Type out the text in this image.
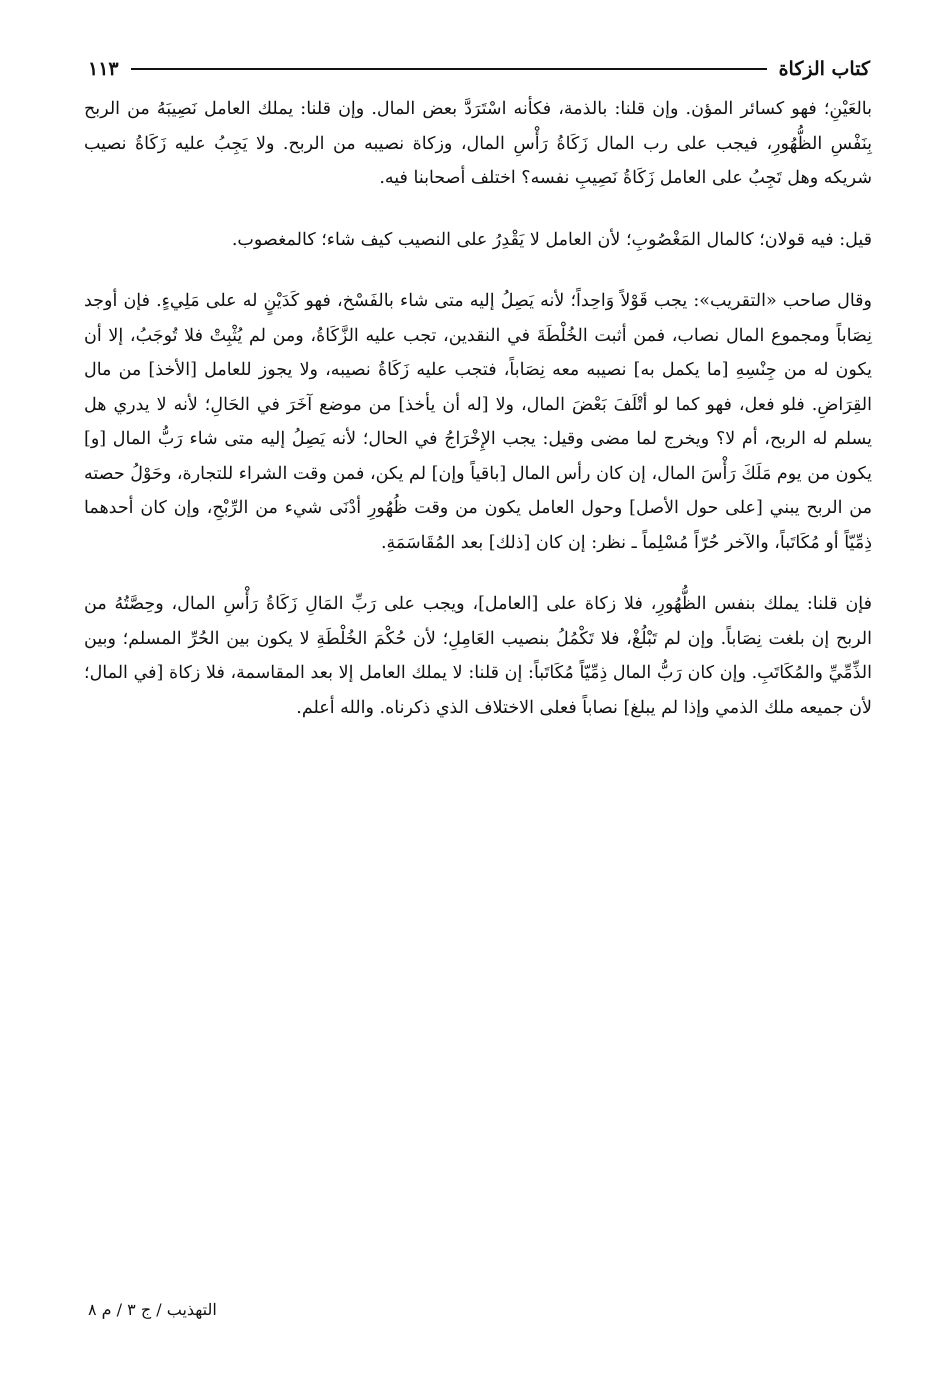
كتاب الزكاة
١١٣

بالعَيْنِ؛ فهو كسائر المؤن. وإن قلنا: بالذمة، فكأنه اسْتَرَدَّ بعض المال. وإن قلنا: يملك العامل نَصِيبَهُ من الربح بِنَفْسِ الظُّهُورِ، فيجب على رب المال زَكَاةُ رَأْسِ المال، وزكاة نصيبه من الربح. ولا يَجِبُ عليه زَكَاةُ نصيب شريكه وهل تَجِبُ على العامل زَكَاةُ نَصِيبِ نفسه؟ اختلف أصحابنا فيه.

قيل: فيه قولان؛ كالمال المَغْصُوبِ؛ لأن العامل لا يَقْدِرُ على النصيب كيف شاء؛ كالمغصوب.

وقال صاحب «التقريب»: يجب قَوْلاً وَاحِداً؛ لأنه يَصِلُ إليه متى شاء بالفَسْخ، فهو كَدَيْنٍ له على مَلِيءٍ. فإن أوجد نِصَاباً ومجموع المال نصاب، فمن أثبت الخُلْطَةَ في النقدين، تجب عليه الزَّكَاةُ، ومن لم يُثْبِتْ فلا تُوجَبُ، إلا أن يكون له من جِنْسِهِ [ما يكمل به] نصيبه معه نِصَاباً، فتجب عليه زَكَاةُ نصيبه، ولا يجوز للعامل [الأخذ] من مال القِرَاضِ. فلو فعل، فهو كما لو أتْلَفَ بَعْضَ المال، ولا [له أن يأخذ] من موضع آخَرَ في الحَالِ؛ لأنه لا يدري هل يسلم له الربح، أم لا؟ ويخرج لما مضى وقيل: يجب الإِخْرَاجُ في الحال؛ لأنه يَصِلُ إليه متى شاء رَبُّ المال [و] يكون من يوم مَلَكَ رَأْسَ المال، إن كان رأس المال [باقياً وإن] لم يكن، فمن وقت الشراء للتجارة، وحَوْلُ حصته من الربح يبني [على حول الأصل] وحول العامل يكون من وقت ظُهُورِ أدْنَى شيء من الرِّبْحِ، وإن كان أحدهما ذِمِّيّاً أو مُكَاتَباً، والآخر حُرّاً مُسْلِماً ـ نظر: إن كان [ذلك] بعد المُقَاسَمَةِ.

فإن قلنا: يملك بنفس الظُّهُورِ، فلا زكاة على [العامل]، ويجب على رَبِّ المَالِ زَكَاةُ رَأْسِ المال، وحِصَّتُهُ من الربح إن بلغت نِصَاباً. وإن لم تَبْلُغْ، فلا تَكْمُلُ بنصيب العَامِلِ؛ لأن حُكْمَ الخُلْطَةِ لا يكون بين الحُرِّ المسلم؛ وبين الذِّمِّيِّ والمُكَاتَبِ. وإن كان رَبُّ المال ذِمِّيّاً مُكَاتَباً: إن قلنا: لا يملك العامل إلا بعد المقاسمة، فلا زكاة [في المال؛ لأن جميعه ملك الذمي وإذا لم يبلغ] نصاباً فعلى الاختلاف الذي ذكرناه. والله أعلم.

التهذيب / ج ٣ / م ٨
